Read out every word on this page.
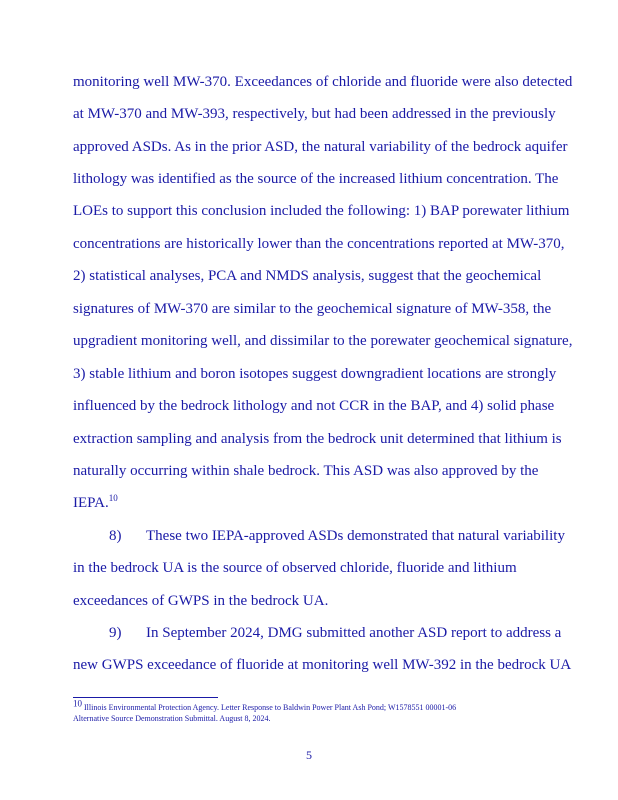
monitoring well MW-370. Exceedances of chloride and fluoride were also detected
at MW-370 and MW-393, respectively, but had been addressed in the previously
approved ASDs. As in the prior ASD, the natural variability of the bedrock aquifer
lithology was identified as the source of the increased lithium concentration. The
LOEs to support this conclusion included the following: 1) BAP porewater lithium
concentrations are historically lower than the concentrations reported at MW-370,
2) statistical analyses, PCA and NMDS analysis, suggest that the geochemical
signatures of MW-370 are similar to the geochemical signature of MW-358, the
upgradient monitoring well, and dissimilar to the porewater geochemical signature,
3) stable lithium and boron isotopes suggest downgradient locations are strongly
influenced by the bedrock lithology and not CCR in the BAP, and 4) solid phase
extraction sampling and analysis from the bedrock unit determined that lithium is
naturally occurring within shale bedrock. This ASD was also approved by the
IEPA.$^{10}$
8) These two IEPA-approved ASDs demonstrated that natural variability
in the bedrock UA is the source of observed chloride, fluoride and lithium
exceedances of GWPS in the bedrock UA.
9) In September 2024, DMG submitted another ASD report to address a
new GWPS exceedance of fluoride at monitoring well MW-392 in the bedrock UA
10 Illinois Environmental Protection Agency. Letter Response to Baldwin Power Plant Ash Pond; W1578551 00001-06
Alternative Source Demonstration Submittal. August 8, 2024.
5
